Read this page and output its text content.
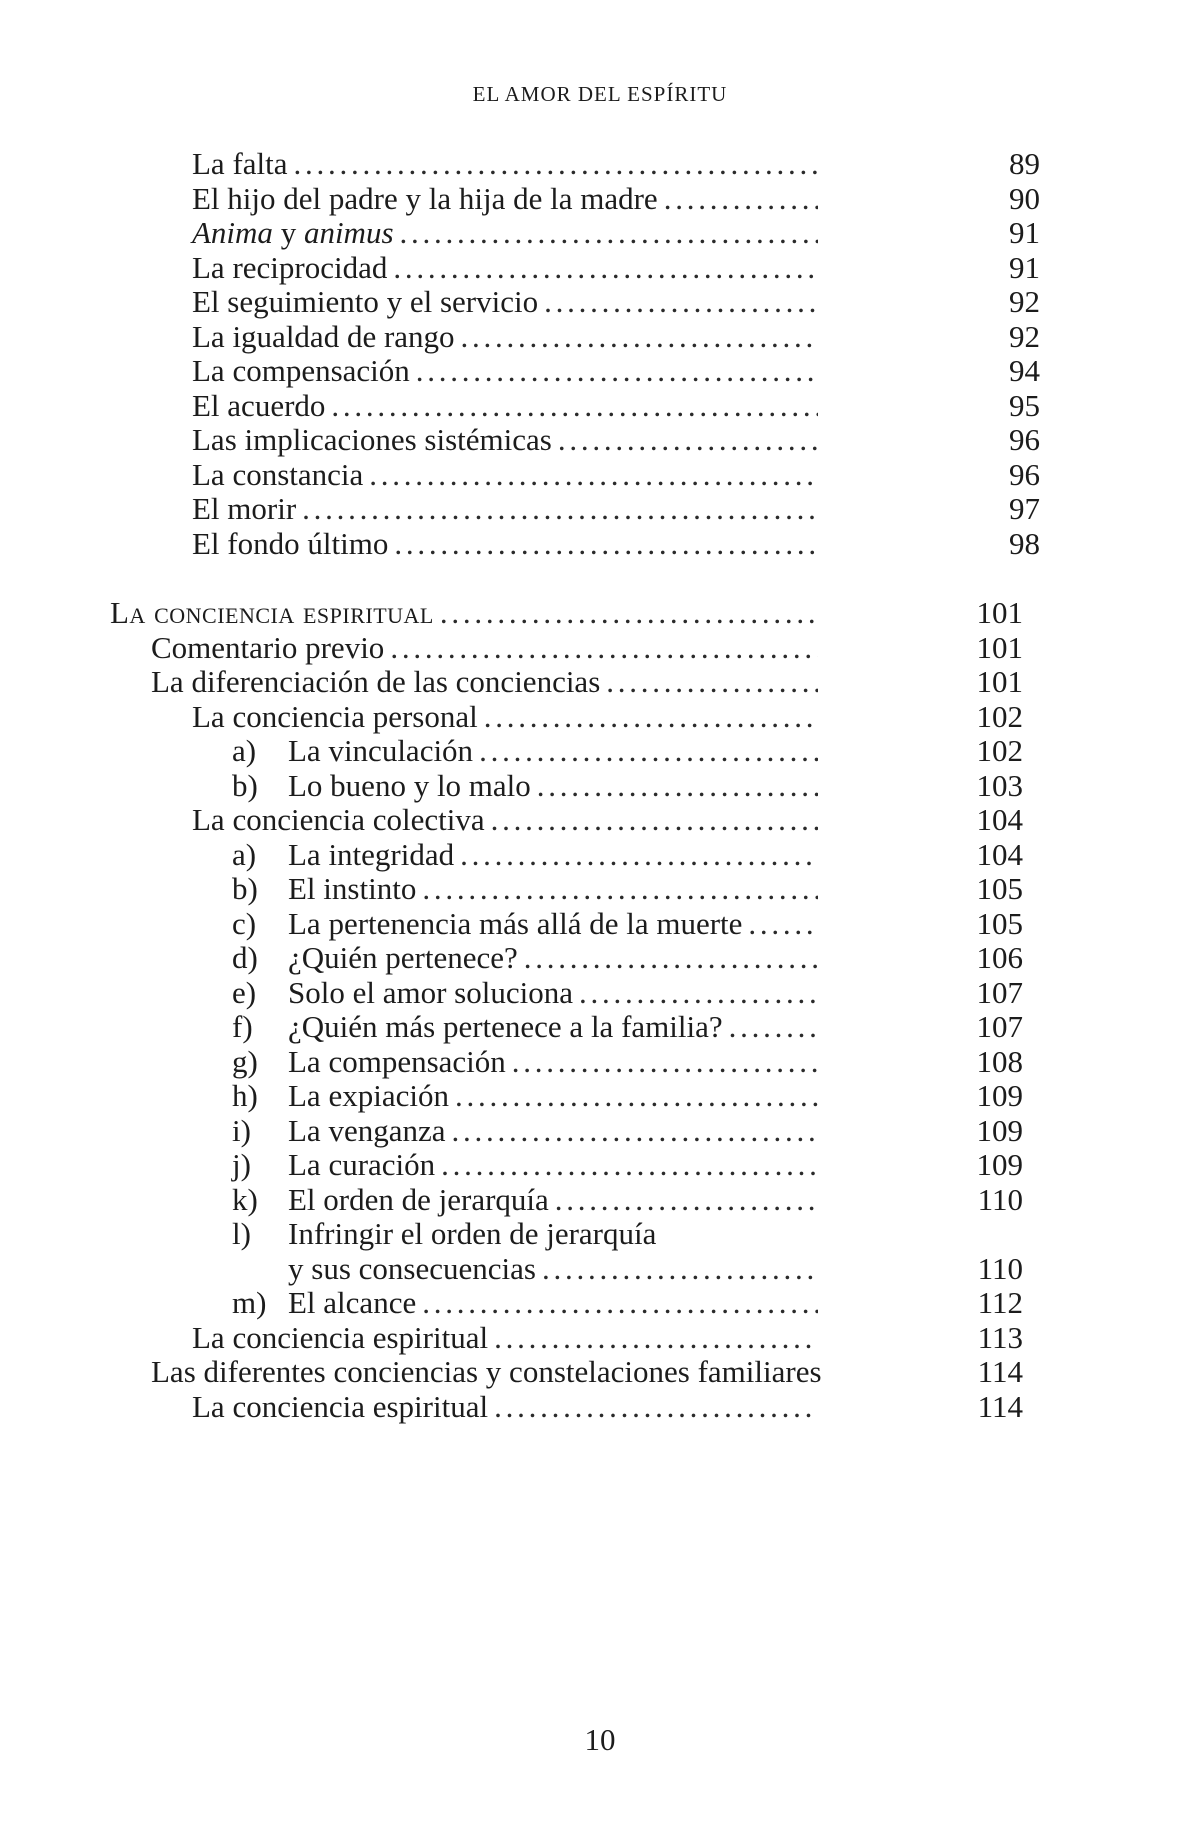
EL AMOR DEL ESPÍRITU
La falta . . .	89
El hijo del padre y la hija de la madre . . .	90
Anima y animus . . .	91
La reciprocidad . . .	91
El seguimiento y el servicio . . .	92
La igualdad de rango . . .	92
La compensación . . .	94
El acuerdo . . .	95
Las implicaciones sistémicas . . .	96
La constancia . . .	96
El morir . . .	97
El fondo último . . .	98
La conciencia espiritual . . .	101
Comentario previo . . .	101
La diferenciación de las conciencias . . .	101
La conciencia personal . . .	102
a)	La vinculación . . .	102
b) Lo bueno y lo malo . . .	103
La conciencia colectiva . . .	104
a)	La integridad . . .	104
b) El instinto . . .	105
c)	La pertenencia más allá de la muerte . . .	105
d) ¿Quién pertenece? . . .	106
e)	Solo el amor soluciona . . .	107
f)	¿Quién más pertenece a la familia? . . .	107
g) La compensación . . .	108
h) La expiación . . .	109
i)	La venganza . . .	109
j)	La curación . . .	109
k) El orden de jerarquía . . .	110
l)	Infringir el orden de jerarquía
y sus consecuencias . . .	110
m) El alcance . . .	112
La conciencia espiritual . . .	113
Las diferentes conciencias y constelaciones familiares	114
La conciencia espiritual . . .	114
10
